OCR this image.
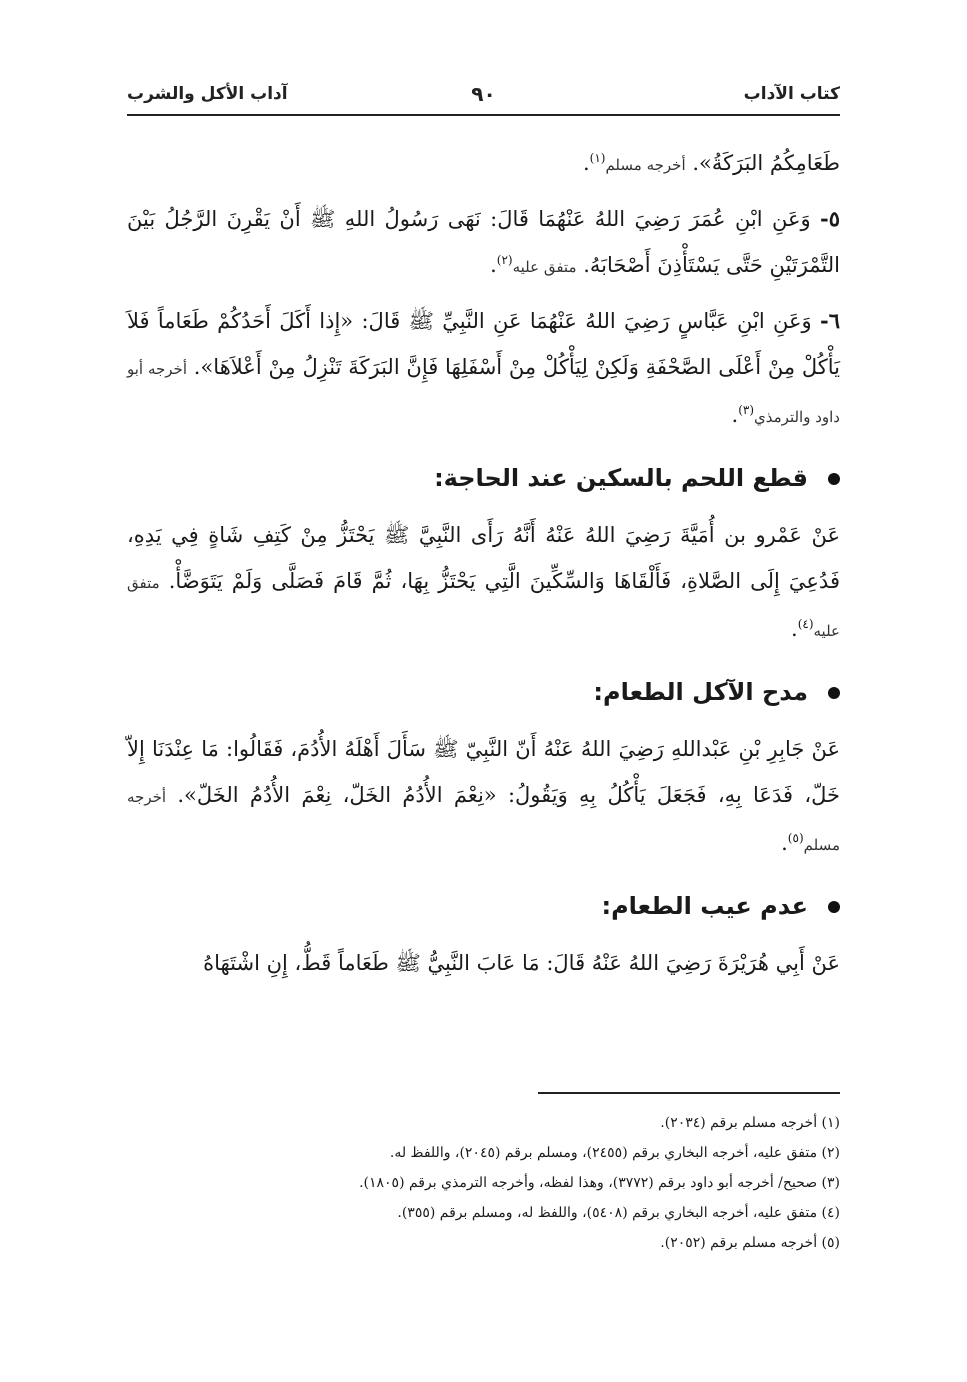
كتاب الآداب
٩٠
آداب الأكل والشرب

طَعَامِكُمُ البَرَكَةُ». أخرجه مسلم$^{(١)}$.

٥- وَعَنِ ابْنِ عُمَرَ رَضِيَ اللهُ عَنْهُمَا قَالَ: نَهَى رَسُولُ اللهِ ﷺ أَنْ يَقْرِنَ الرَّجُلُ بَيْنَ التَّمْرَتَيْنِ حَتَّى يَسْتَأْذِنَ أَصْحَابَهُ. متفق عليه$^{(٢)}$.

٦- وَعَنِ ابْنِ عَبَّاسٍ رَضِيَ اللهُ عَنْهُمَا عَنِ النَّبِيِّ ﷺ قَالَ: «إِذا أَكَلَ أَحَدُكُمْ طَعَاماً فَلاَ يَأْكُلْ مِنْ أَعْلَى الصَّحْفَةِ وَلَكِنْ لِيَأْكُلْ مِنْ أَسْفَلِهَا فَإِنَّ البَرَكَةَ تَنْزِلُ مِنْ أَعْلاَهَا». أخرجه أبو داود والترمذي$^{(٣)}$.

قطع اللحم بالسكين عند الحاجة:

عَنْ عَمْرو بن أُمَيَّةَ رَضِيَ اللهُ عَنْهُ أَنَّهُ رَأَى النَّبِيَّ ﷺ يَحْتَزُّ مِنْ كَتِفِ شَاةٍ فِي يَدِهِ، فَدُعِيَ إِلَى الصَّلاةِ، فَأَلْقَاهَا وَالسِّكِّينَ الَّتِي يَحْتَزُّ بِهَا، ثُمَّ قَامَ فَصَلَّى وَلَمْ يَتَوَضَّأْ. متفق عليه$^{(٤)}$.

مدح الآكل الطعام:

عَنْ جَابِرِ بْنِ عَبْداللهِ رَضِيَ اللهُ عَنْهُ أَنّ النَّبِيّ ﷺ سَأَلَ أَهْلَهُ الأُدُمَ، فَقَالُوا: مَا عِنْدَنَا إِلاّ خَلّ، فَدَعَا بِهِ، فَجَعَلَ يَأْكُلُ بِهِ وَيَقُولُ: «نِعْمَ الأُدُمُ الخَلّ، نِعْمَ الأُدُمُ الخَلّ». أخرجه مسلم$^{(٥)}$.

عدم عيب الطعام:

عَنْ أَبِي هُرَيْرَةَ رَضِيَ اللهُ عَنْهُ قَالَ: مَا عَابَ النَّبِيُّ ﷺ طَعَاماً قَطُّ، إِنِ اشْتَهَاهُ

(١) أخرجه مسلم برقم (٢٠٣٤).

(٢) متفق عليه، أخرجه البخاري برقم (٢٤٥٥)، ومسلم برقم (٢٠٤٥)، واللفظ له.

(٣) صحيح/ أخرجه أبو داود برقم (٣٧٧٢)، وهذا لفظه، وأخرجه الترمذي برقم (١٨٠٥).

(٤) متفق عليه، أخرجه البخاري برقم (٥٤٠٨)، واللفظ له، ومسلم برقم (٣٥٥).

(٥) أخرجه مسلم برقم (٢٠٥٢).
